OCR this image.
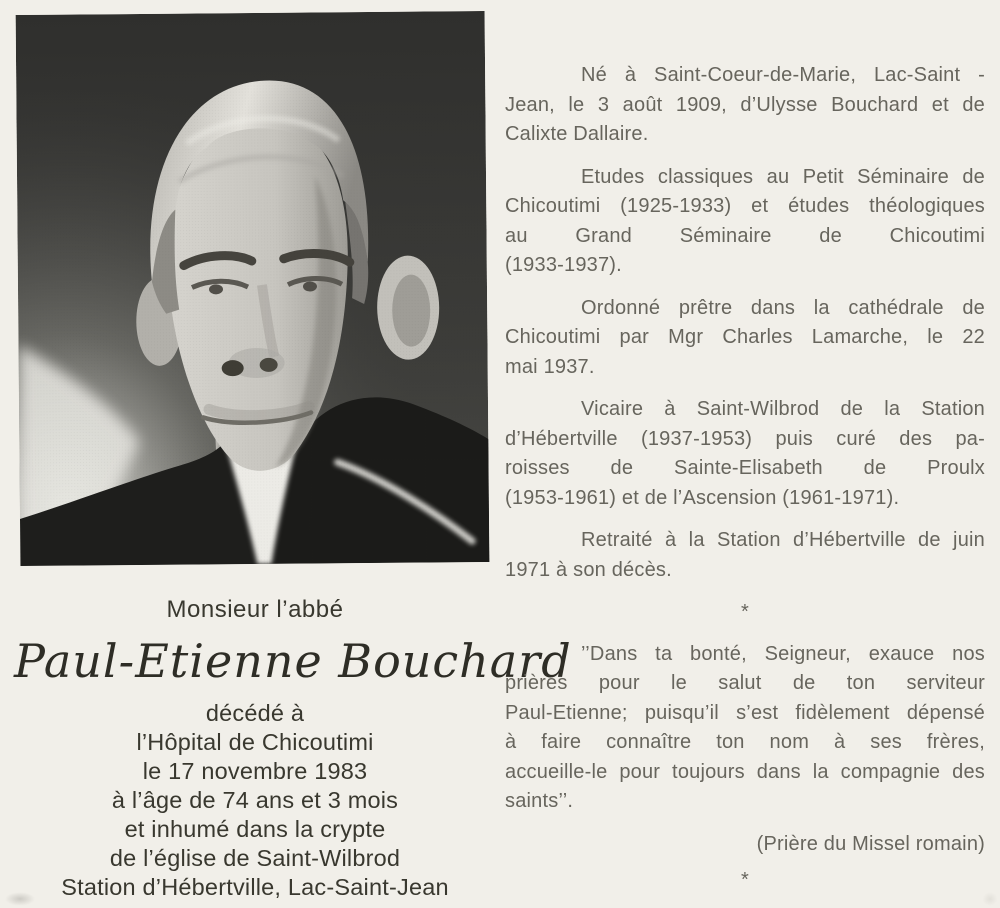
Monsieur l’abbé
Paul-Etienne Bouchard
décédé à
l’Hôpital de Chicoutimi
le 17 novembre 1983
à l’âge de 74 ans et 3 mois
et inhumé dans la crypte
de l’église de Saint-Wilbrod
Station d’Hébertville, Lac-Saint-Jean
Né à Saint-Coeur-de-Marie, Lac-Saint -
Jean, le 3 août 1909, d’Ulysse Bouchard et de
Calixte Dallaire.
Etudes classiques au Petit Séminaire de
Chicoutimi (1925-1933) et études théologiques
au Grand Séminaire de Chicoutimi
(1933-1937).
Ordonné prêtre dans la cathédrale de
Chicoutimi par Mgr Charles Lamarche, le 22
mai 1937.
Vicaire à Saint-Wilbrod de la Station
d’Hébertville (1937-1953) puis curé des pa-
roisses de Sainte-Elisabeth de Proulx
(1953-1961) et de l’Ascension (1961-1971).
Retraité à la Station d’Hébertville de juin
1971 à son décès.
*
’’Dans ta bonté, Seigneur, exauce nos
prières pour le salut de ton serviteur
Paul-Etienne; puisqu’il s’est fidèlement dépensé
à faire connaître ton nom à ses frères,
accueille-le pour toujours dans la compagnie des
saints’’.
(Prière du Missel romain)
*
